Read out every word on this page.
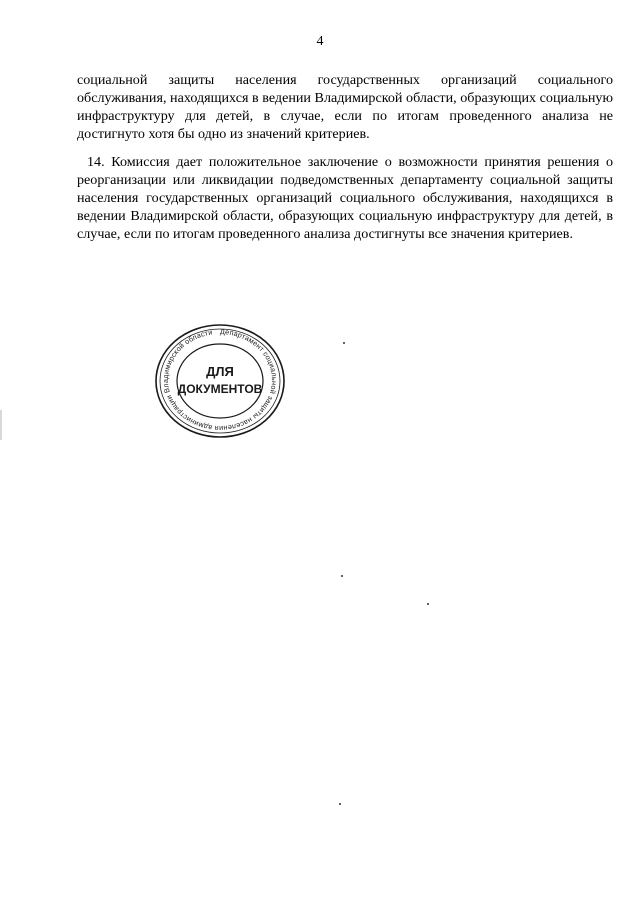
4

социальной защиты населения государственных организаций социального обслуживания, находящихся в ведении Владимирской области, образующих социальную инфраструктуру для детей, в случае, если по итогам проведенного анализа не достигнуто хотя бы одно из значений критериев.

14. Комиссия дает положительное заключение о возможности принятия решения о реорганизации или ликвидации подведомственных департаменту социальной защиты населения государственных организаций социального обслуживания, находящихся в ведении Владимирской области, образующих социальную инфраструктуру для детей, в случае, если по итогам проведенного анализа достигнуты все значения критериев.

Департамент социальной защиты населения администрации Владимирской области
ДЛЯ
ДОКУМЕНТОВ
